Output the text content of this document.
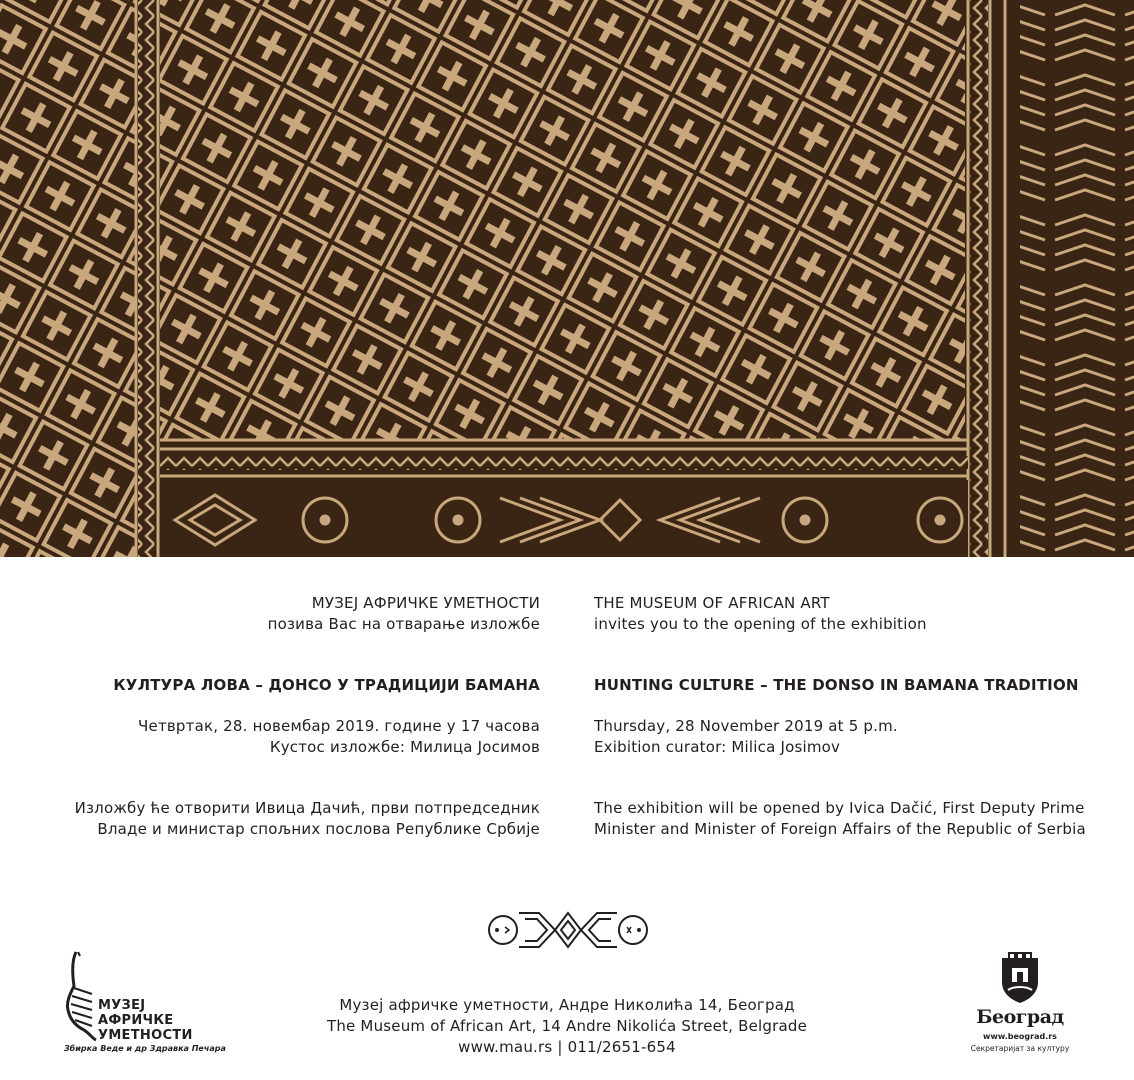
МУЗЕЈ АФРИЧКЕ УМЕТНОСТИ
позива Вас на отварање изложбе
КУЛТУРА ЛОВА – ДОНСО У ТРАДИЦИЈИ БАМАНА
Четвртак, 28. новембар 2019. године у 17 часова
Кустос изложбе: Милица Јосимов
Изложбу ће отворити Ивица Дачић, први потпредседник
Владе и министар спољних послова Републике Србије
THE MUSEUM OF AFRICAN ART
invites you to the opening of the exhibition
HUNTING CULTURE – THE DONSO IN BAMANA TRADITION
Thursday, 28 November 2019 at 5 p.m.
Exibition curator: Milica Josimov
The exhibition will be opened by Ivica Dačić, First Deputy Prime
Minister and Minister of Foreign Affairs of the Republic of Serbia
Музеј афричке уметности, Андре Николића 14, Београд
The Museum of African Art, 14 Andre Nikolića Street, Belgrade
www.mau.rs | 011/2651-654
МУЗЕЈ
АФРИЧКЕ
УМЕТНОСТИ
Збирка Веде и др Здравка Печара
Београд
www.beograd.rs
Секретаријат за културу
